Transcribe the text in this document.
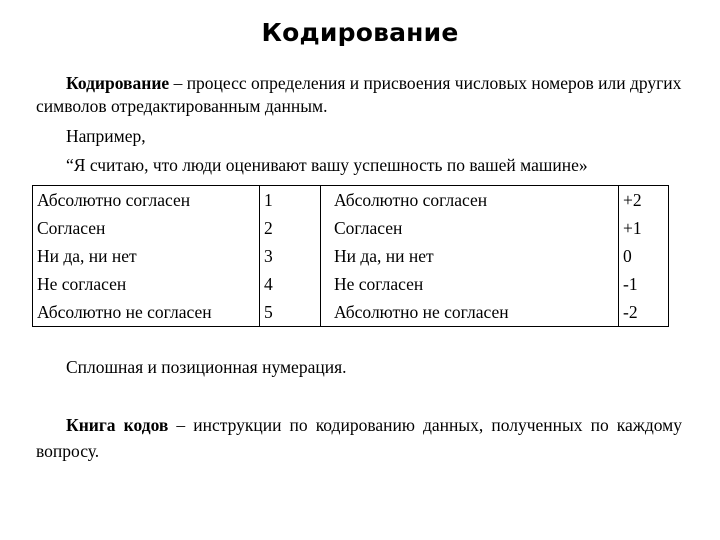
Кодирование
Кодирование – процесс определения и присвоения числовых номеров или других символов отредактированным данным.
Например,
“Я считаю, что люди оценивают вашу успешность по вашей машине»
Абсолютно согласен	1	Абсолютно согласен	+2
Согласен	2	Согласен	+1
Ни да, ни нет	3	Ни да, ни нет	0
Не согласен	4	Не согласен	-1
Абсолютно не согласен	5	Абсолютно не согласен	-2
Сплошная и позиционная нумерация.
Книга кодов – инструкции по кодированию данных, полученных по каждому вопросу.
